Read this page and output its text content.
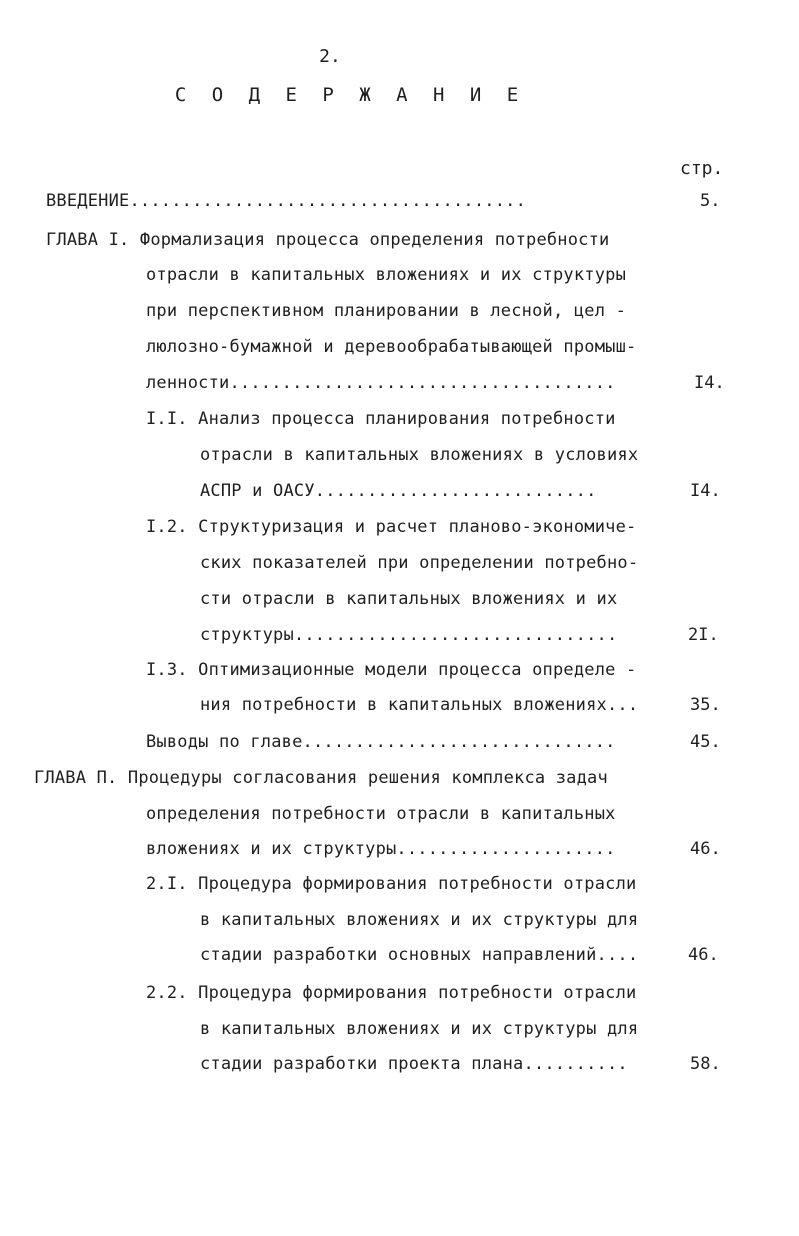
2.
С О Д Е Р Ж А Н И Е
стр.
ВВЕДЕНИЕ......................................	5.
ГЛАВА I. Формализация процесса определения потребности
отрасли в капитальных вложениях и их структуры
при перспективном планировании в лесной, цел -
люлозно-бумажной и деревообрабатывающей промыш-
ленности.....................................	I4.
I.I. Анализ процесса планирования потребности
отрасли в капитальных вложениях в условиях
АСПР и ОАСУ...........................	I4.
I.2. Структуризация и расчет планово-экономиче-
ских показателей при определении потребно-
сти отрасли в капитальных вложениях и их
структуры...............................	2I.
I.3. Оптимизационные модели процесса определе -
ния потребности в капитальных вложениях...	35.
Выводы по главе..............................	45.
ГЛАВА П. Процедуры согласования решения комплекса задач
определения потребности отрасли в капитальных
вложениях и их структуры.....................	46.
2.I. Процедура формирования потребности отрасли
в капитальных вложениях и их структуры для
стадии разработки основных направлений....	46.
2.2. Процедура формирования потребности отрасли
в капитальных вложениях и их структуры для
стадии разработки проекта плана..........	58.
